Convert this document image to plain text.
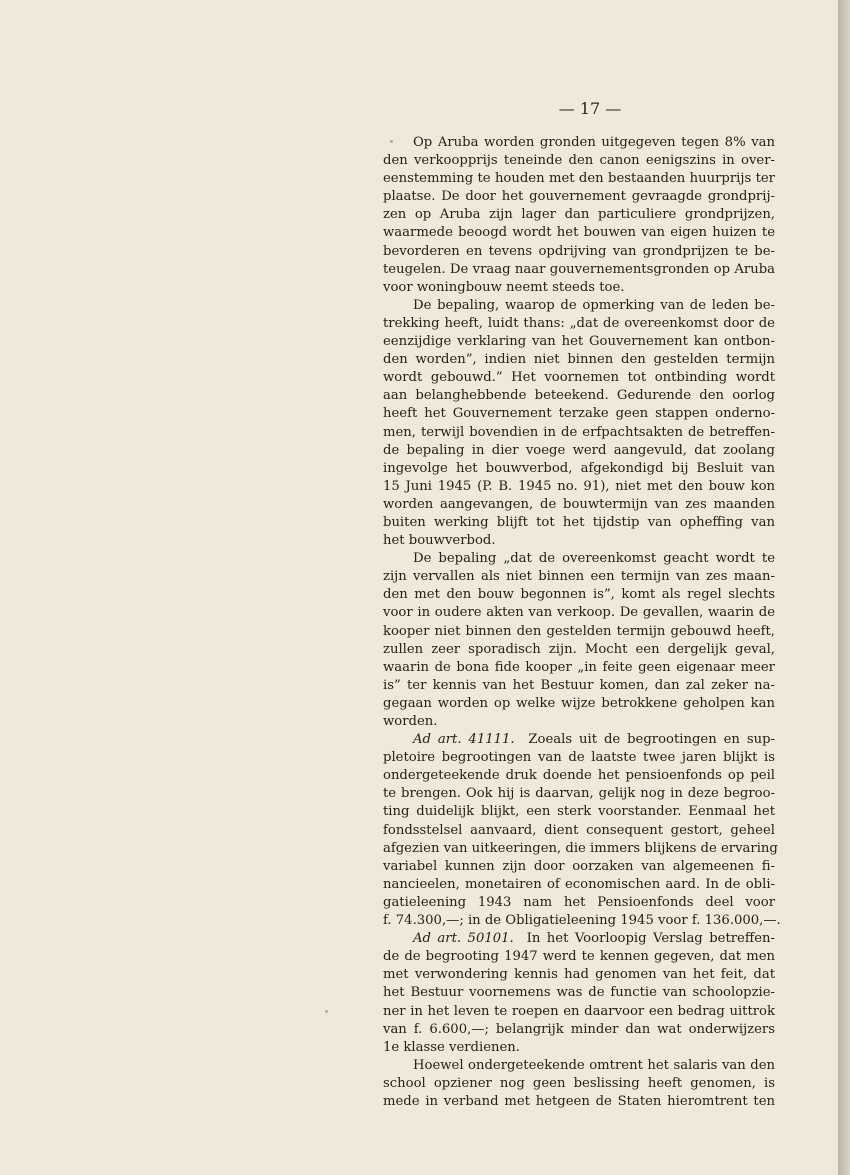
— 17 —
Op Aruba worden gronden uitgegeven tegen 8% van
den verkoopprijs teneinde den canon eenigszins in over-
eenstemming te houden met den bestaanden huurprijs ter
plaatse. De door het gouvernement gevraagde grondprij-
zen op Aruba zijn lager dan particuliere grondprijzen,
waarmede beoogd wordt het bouwen van eigen huizen te
bevorderen en tevens opdrijving van grondprijzen te be-
teugelen. De vraag naar gouvernementsgronden op Aruba
voor woningbouw neemt steeds toe.
De bepaling, waarop de opmerking van de leden be-
trekking heeft, luidt thans: „dat de overeenkomst door de
eenzijdige verklaring van het Gouvernement kan ontbon-
den worden”, indien niet binnen den gestelden termijn
wordt gebouwd.” Het voornemen tot ontbinding wordt
aan belanghebbende beteekend. Gedurende den oorlog
heeft het Gouvernement terzake geen stappen onderno-
men, terwijl bovendien in de erfpachtsakten de betreffen-
de bepaling in dier voege werd aangevuld, dat zoolang
ingevolge het bouwverbod, afgekondigd bij Besluit van
15 Juni 1945 (P. B. 1945 no. 91), niet met den bouw kon
worden aangevangen, de bouwtermijn van zes maanden
buiten werking blijft tot het tijdstip van opheffing van
het bouwverbod.
De bepaling „dat de overeenkomst geacht wordt te
zijn vervallen als niet binnen een termijn van zes maan-
den met den bouw begonnen is”, komt als regel slechts
voor in oudere akten van verkoop. De gevallen, waarin de
kooper niet binnen den gestelden termijn gebouwd heeft,
zullen zeer sporadisch zijn. Mocht een dergelijk geval,
waarin de bona fide kooper „in feite geen eigenaar meer
is” ter kennis van het Bestuur komen, dan zal zeker na-
gegaan worden op welke wijze betrokkene geholpen kan
worden.
Ad art. 41111. Zoeals uit de begrootingen en sup-
pletoire begrootingen van de laatste twee jaren blijkt is
ondergeteekende druk doende het pensioenfonds op peil
te brengen. Ook hij is daarvan, gelijk nog in deze begroo-
ting duidelijk blijkt, een sterk voorstander. Eenmaal het
fondsstelsel aanvaard, dient consequent gestort, geheel
afgezien van uitkeeringen, die immers blijkens de ervaring
variabel kunnen zijn door oorzaken van algemeenen fi-
nancieelen, monetairen of economischen aard. In de obli-
gatieleening 1943 nam het Pensioenfonds deel voor
f. 74.300,—; in de Obligatieleening 1945 voor f. 136.000,—.
Ad art. 50101. In het Voorloopig Verslag betreffen-
de de begrooting 1947 werd te kennen gegeven, dat men
met verwondering kennis had genomen van het feit, dat
het Bestuur voornemens was de functie van schoolopzie-
ner in het leven te roepen en daarvoor een bedrag uittrok
van f. 6.600,—; belangrijk minder dan wat onderwijzers
1e klasse verdienen.
Hoewel ondergeteekende omtrent het salaris van den
school opziener nog geen beslissing heeft genomen, is
mede in verband met hetgeen de Staten hieromtrent ten
